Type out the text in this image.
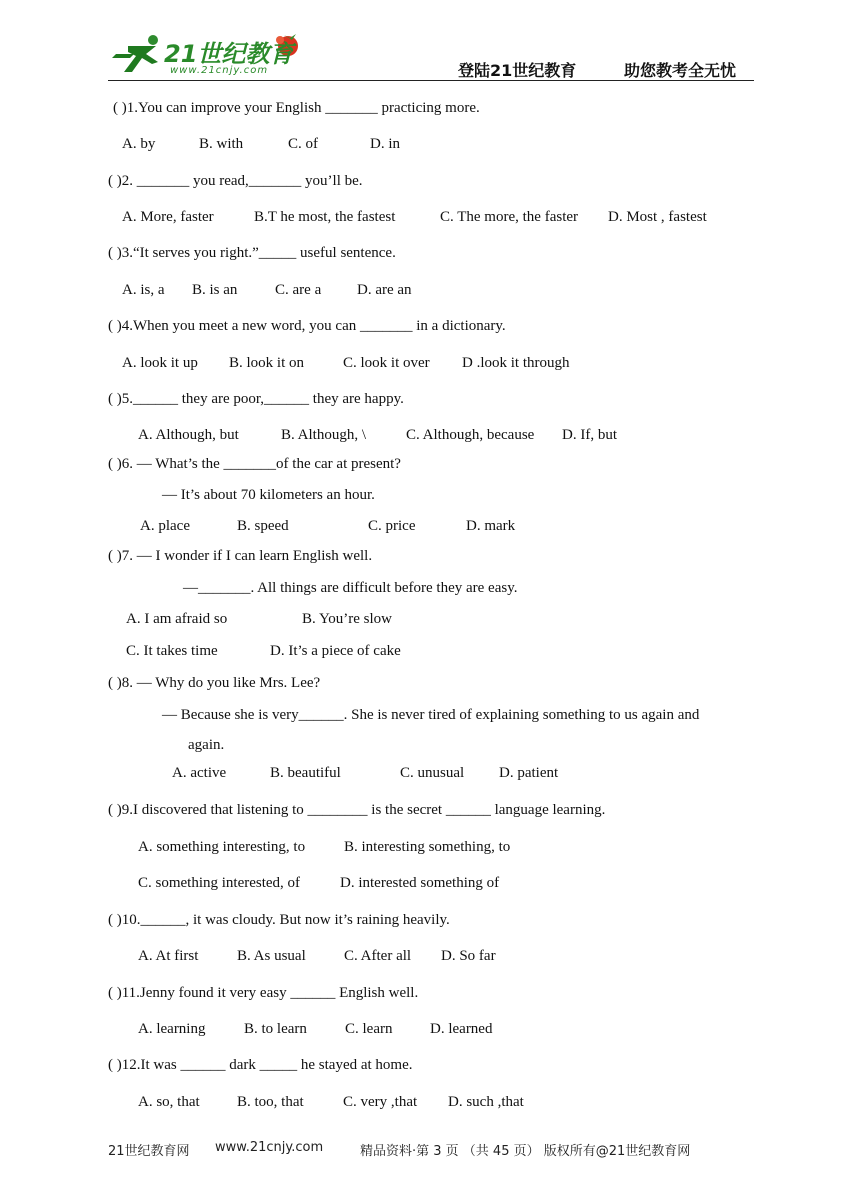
21世纪教育
www.21cnjy.com	登陆21世纪教育	助您教考全无忧
( )1.You can improve your English _______ practicing more.
A. by	B. with	C. of	D. in
( )2. _______ you read,_______ you’ll be.
A. More, faster	B.T he most, the fastest	C. The more, the faster D. Most , fastest
( )3.“It serves you right.”_____ useful sentence.
A. is, a B. is an	C. are a D. are an
( )4.When you meet a new word, you can _______ in a dictionary.
A. look it up B. look it on	C. look it over D .look it through
( )5.______ they are poor,______ they are happy.
A. Although, but	B. Although, \	C. Although, because D. If, but
( )6. — What’s the _______of the car at present?
— It’s about 70 kilometers an hour.
A. place	B. speed	C. price	D. mark
( )7. — I wonder if I can learn English well.
—_______. All things are difficult before they are easy.
A. I am afraid so	B. You’re slow
C. It takes time	D. It’s a piece of cake
( )8. — Why do you like Mrs. Lee?
— Because she is very______. She is never tired of explaining something to us again and
again.
A. active	B. beautiful	C. unusual D. patient
( )9.I discovered that listening to ________ is the secret ______ language learning.
A. something interesting, to	B. interesting something, to
C. something interested, of	D. interested something of
( )10.______, it was cloudy. But now it’s raining heavily.
A. At first	B. As usual	C. After all D. So far
( )11.Jenny found it very easy ______ English well.
A. learning	B. to learn	C. learn	D. learned
( )12.It was ______ dark _____ he stayed at home.
A. so, that B. too, that	C. very ,that D. such ,that
21世纪教育网 www.21cnjy.com	精品资料·第 3 页 （共 45 页） 版权所有@21世纪教育网
